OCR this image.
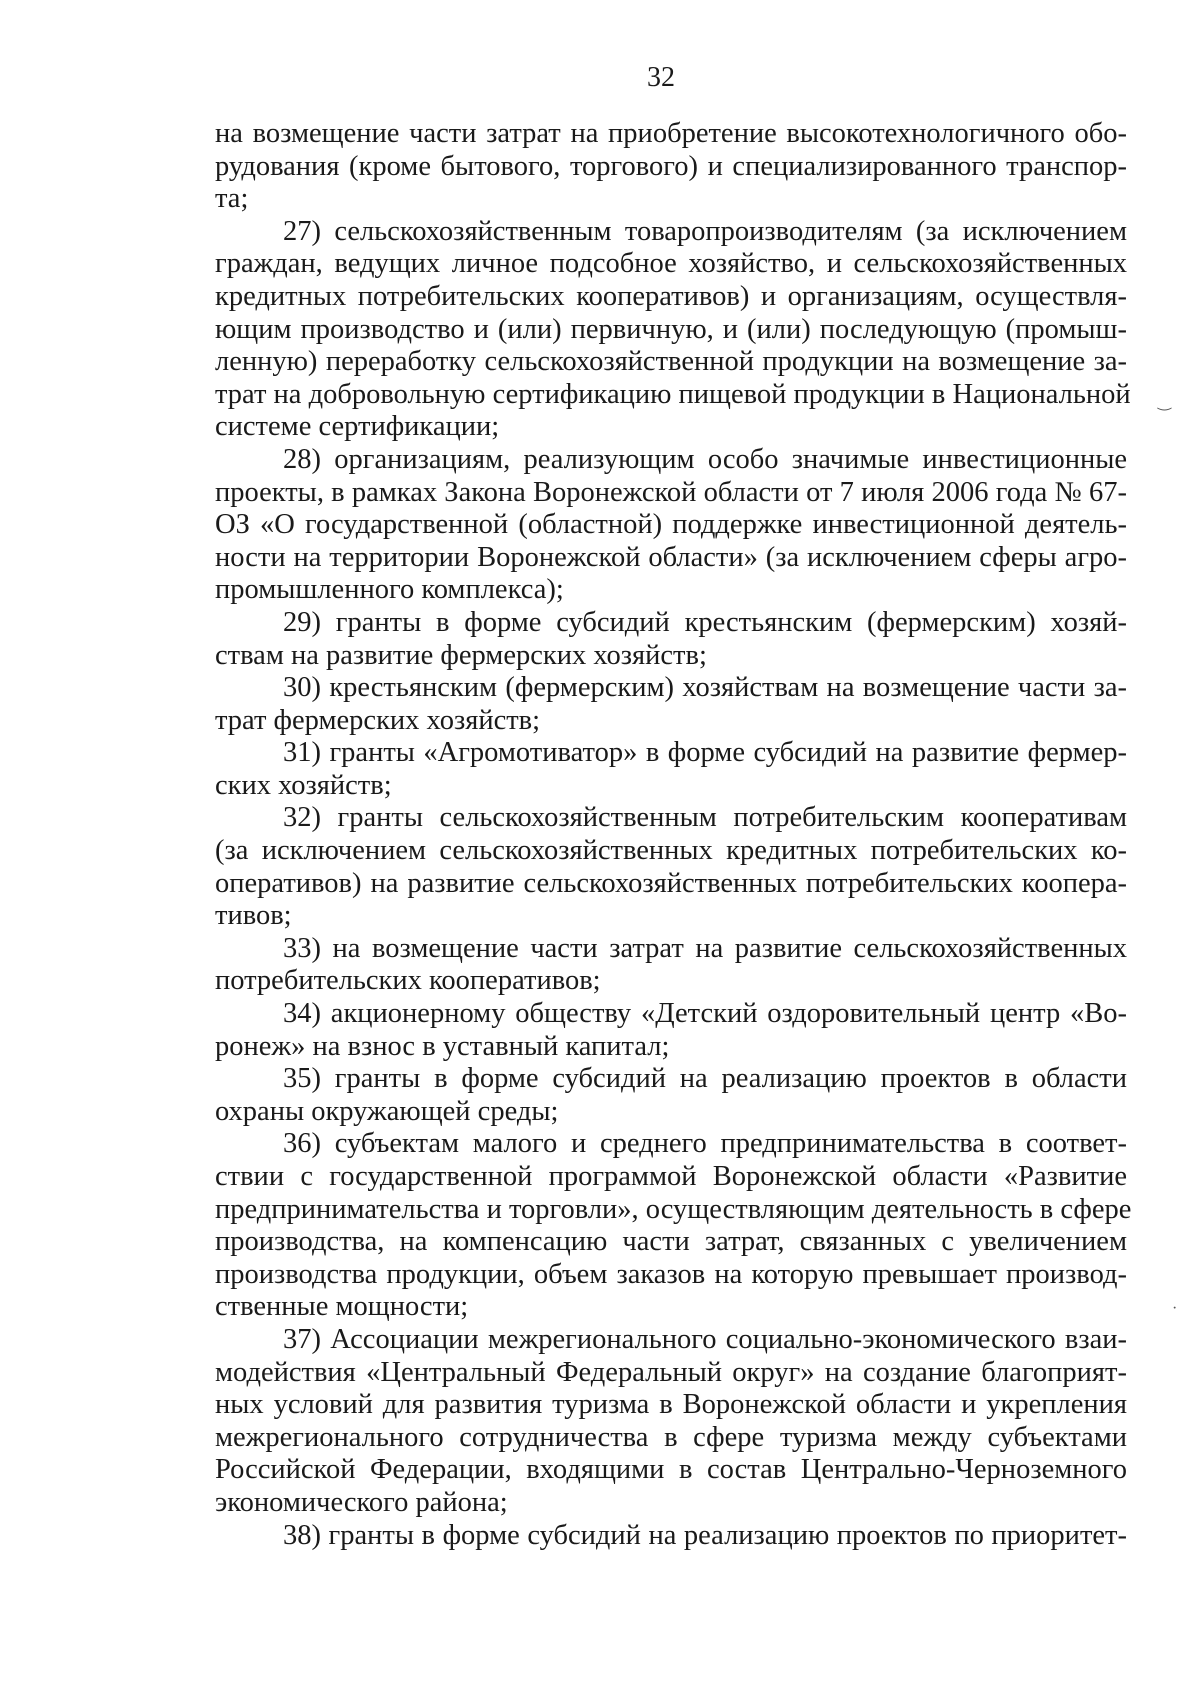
32
на возмещение части затрат на приобретение высокотехнологичного обо-
рудования (кроме бытового, торгового) и специализированного транспор-
та;
27) сельскохозяйственным товаропроизводителям (за исключением
граждан, ведущих личное подсобное хозяйство, и сельскохозяйственных
кредитных потребительских кооперативов) и организациям, осуществля-
ющим производство и (или) первичную, и (или) последующую (промыш-
ленную) переработку сельскохозяйственной продукции на возмещение за-
трат на добровольную сертификацию пищевой продукции в Национальной
системе сертификации;
28) организациям, реализующим особо значимые инвестиционные
проекты, в рамках Закона Воронежской области от 7 июля 2006 года № 67-
ОЗ «О государственной (областной) поддержке инвестиционной деятель-
ности на территории Воронежской области» (за исключением сферы агро-
промышленного комплекса);
29) гранты в форме субсидий крестьянским (фермерским) хозяй-
ствам на развитие фермерских хозяйств;
30) крестьянским (фермерским) хозяйствам на возмещение части за-
трат фермерских хозяйств;
31) гранты «Агромотиватор» в форме субсидий на развитие фермер-
ских хозяйств;
32) гранты сельскохозяйственным потребительским кооперативам
(за исключением сельскохозяйственных кредитных потребительских ко-
оперативов) на развитие сельскохозяйственных потребительских коопера-
тивов;
33) на возмещение части затрат на развитие сельскохозяйственных
потребительских кооперативов;
34) акционерному обществу «Детский оздоровительный центр «Во-
ронеж» на взнос в уставный капитал;
35) гранты в форме субсидий на реализацию проектов в области
охраны окружающей среды;
36) субъектам малого и среднего предпринимательства в соответ-
ствии с государственной программой Воронежской области «Развитие
предпринимательства и торговли», осуществляющим деятельность в сфере
производства, на компенсацию части затрат, связанных с увеличением
производства продукции, объем заказов на которую превышает производ-
ственные мощности;
37) Ассоциации межрегионального социально-экономического взаи-
модействия «Центральный Федеральный округ» на создание благоприят-
ных условий для развития туризма в Воронежской области и укрепления
межрегионального сотрудничества в сфере туризма между субъектами
Российской Федерации, входящими в состав Центрально-Черноземного
экономического района;
38) гранты в форме субсидий на реализацию проектов по приоритет-
‿
·
